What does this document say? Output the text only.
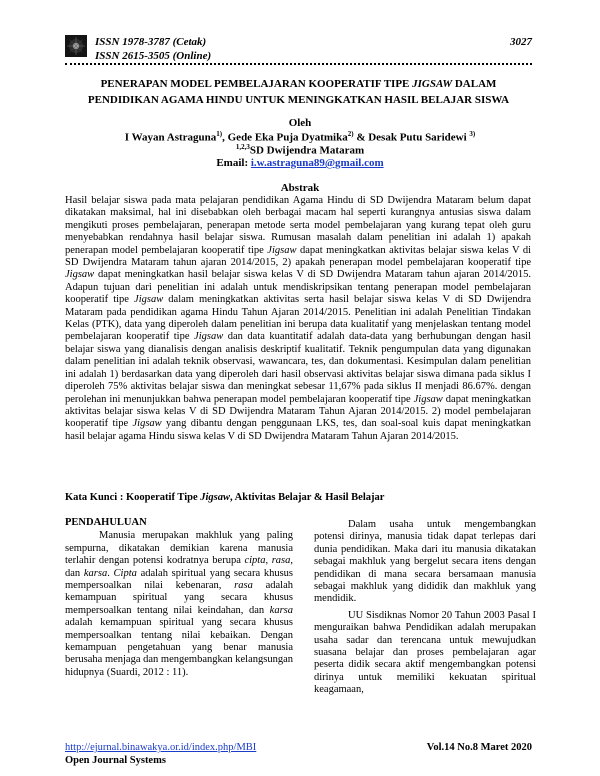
ISSN 1978-3787 (Cetak)
ISSN 2615-3505 (Online)
3027
PENERAPAN MODEL PEMBELAJARAN KOOPERATIF TIPE JIGSAW DALAM
PENDIDIKAN AGAMA HINDU UNTUK MENINGKATKAN HASIL BELAJAR SISWA
Oleh
I Wayan Astraguna$^{1)}$, Gede Eka Puja Dyatmika$^{2)}$ & Desak Putu Saridewi $^{3)}$
$^{1,2,3}$SD Dwijendra Mataram
Email: i.w.astraguna89@gmail.com
Abstrak
Hasil belajar siswa pada mata pelajaran pendidikan Agama Hindu di SD Dwijendra Mataram belum dapat dikatakan maksimal, hal ini disebabkan oleh berbagai macam hal seperti kurangnya antusias siswa dalam mengikuti proses pembelajaran, penerapan metode serta model pembelajaran yang kurang tepat oleh guru menyebabkan rendahnya hasil belajar siswa. Rumusan masalah dalam penelitian ini adalah 1) apakah penerapan model pembelajaran kooperatif tipe Jigsaw dapat meningkatkan aktivitas belajar siswa kelas V di SD Dwijendra Mataram tahun ajaran 2014/2015, 2) apakah penerapan model pembelajaran kooperatif tipe Jigsaw dapat meningkatkan hasil belajar siswa kelas V di SD Dwijendra Mataram tahun ajaran 2014/2015. Adapun tujuan dari penelitian ini adalah untuk mendiskripsikan tentang penerapan model pembelajaran kooperatif tipe Jigsaw dalam meningkatkan aktivitas serta hasil belajar siswa kelas V di SD Dwijendra Mataram pada pendidikan agama Hindu Tahun Ajaran 2014/2015. Penelitian ini adalah Penelitian Tindakan Kelas (PTK), data yang diperoleh dalam penelitian ini berupa data kualitatif yang menjelaskan tentang model pembelajaran kooperatif tipe Jigsaw dan data kuantitatif adalah data-data yang berhubungan dengan hasil belajar siswa yang dianalisis dengan analisis deskriptif kualitatif. Teknik pengumpulan data yang digunakan dalam penelitian ini adalah teknik observasi, wawancara, tes, dan dokumentasi. Kesimpulan dalam penelitian ini adalah 1) berdasarkan data yang diperoleh dari hasil observasi aktivitas belajar siswa dimana pada siklus I diperoleh 75% aktivitas belajar siswa dan meningkat sebesar 11,67% pada siklus II menjadi 86.67%. dengan perolehan ini menunjukkan bahwa penerapan model pembelajaran kooperatif tipe Jigsaw dapat meningkatkan aktivitas belajar siswa kelas V di SD Dwijendra Mataram Tahun Ajaran 2014/2015. 2) model pembelajaran kooperatif tipe Jigsaw yang dibantu dengan penggunaan LKS, tes, dan soal-soal kuis dapat meningkatkan hasil belajar agama Hindu siswa kelas V di SD Dwijendra Mataram Tahun Ajaran 2014/2015.
Kata Kunci : Kooperatif Tipe Jigsaw, Aktivitas Belajar & Hasil Belajar
PENDAHULUAN

Manusia merupakan makhluk yang paling sempurna, dikatakan demikian karena manusia terlahir dengan potensi kodratnya berupa cipta, rasa, dan karsa. Cipta adalah spiritual yang secara khusus mempersoalkan nilai kebenaran, rasa adalah kemampuan spiritual yang secara khusus mempersoalkan tentang nilai keindahan, dan karsa adalah kemampuan spiritual yang secara khusus mempersoalkan tentang nilai kebaikan. Dengan kemampuan pengetahuan yang benar manusia berusaha menjaga dan mengembangkan kelangsungan hidupnya (Suardi, 2012 : 11).

Dalam usaha untuk mengembangkan potensi dirinya, manusia tidak dapat terlepas dari dunia pendidikan. Maka dari itu manusia dikatakan sebagai makhluk yang bergelut secara itens dengan pendidikan di mana secara bersamaan manusia sebagai makhluk yang dididik dan makhluk yang mendidik.

UU Sisdiknas Nomor 20 Tahun 2003 Pasal I menguraikan bahwa Pendidikan adalah merupakan usaha sadar dan terencana untuk mewujudkan suasana belajar dan proses pembelajaran agar peserta didik secara aktif mengembangkan potensi dirinya untuk memiliki kekuatan spiritual keagamaan,

http://ejurnal.binawakya.or.id/index.php/MBI
Open Journal Systems
Vol.14 No.8 Maret 2020
